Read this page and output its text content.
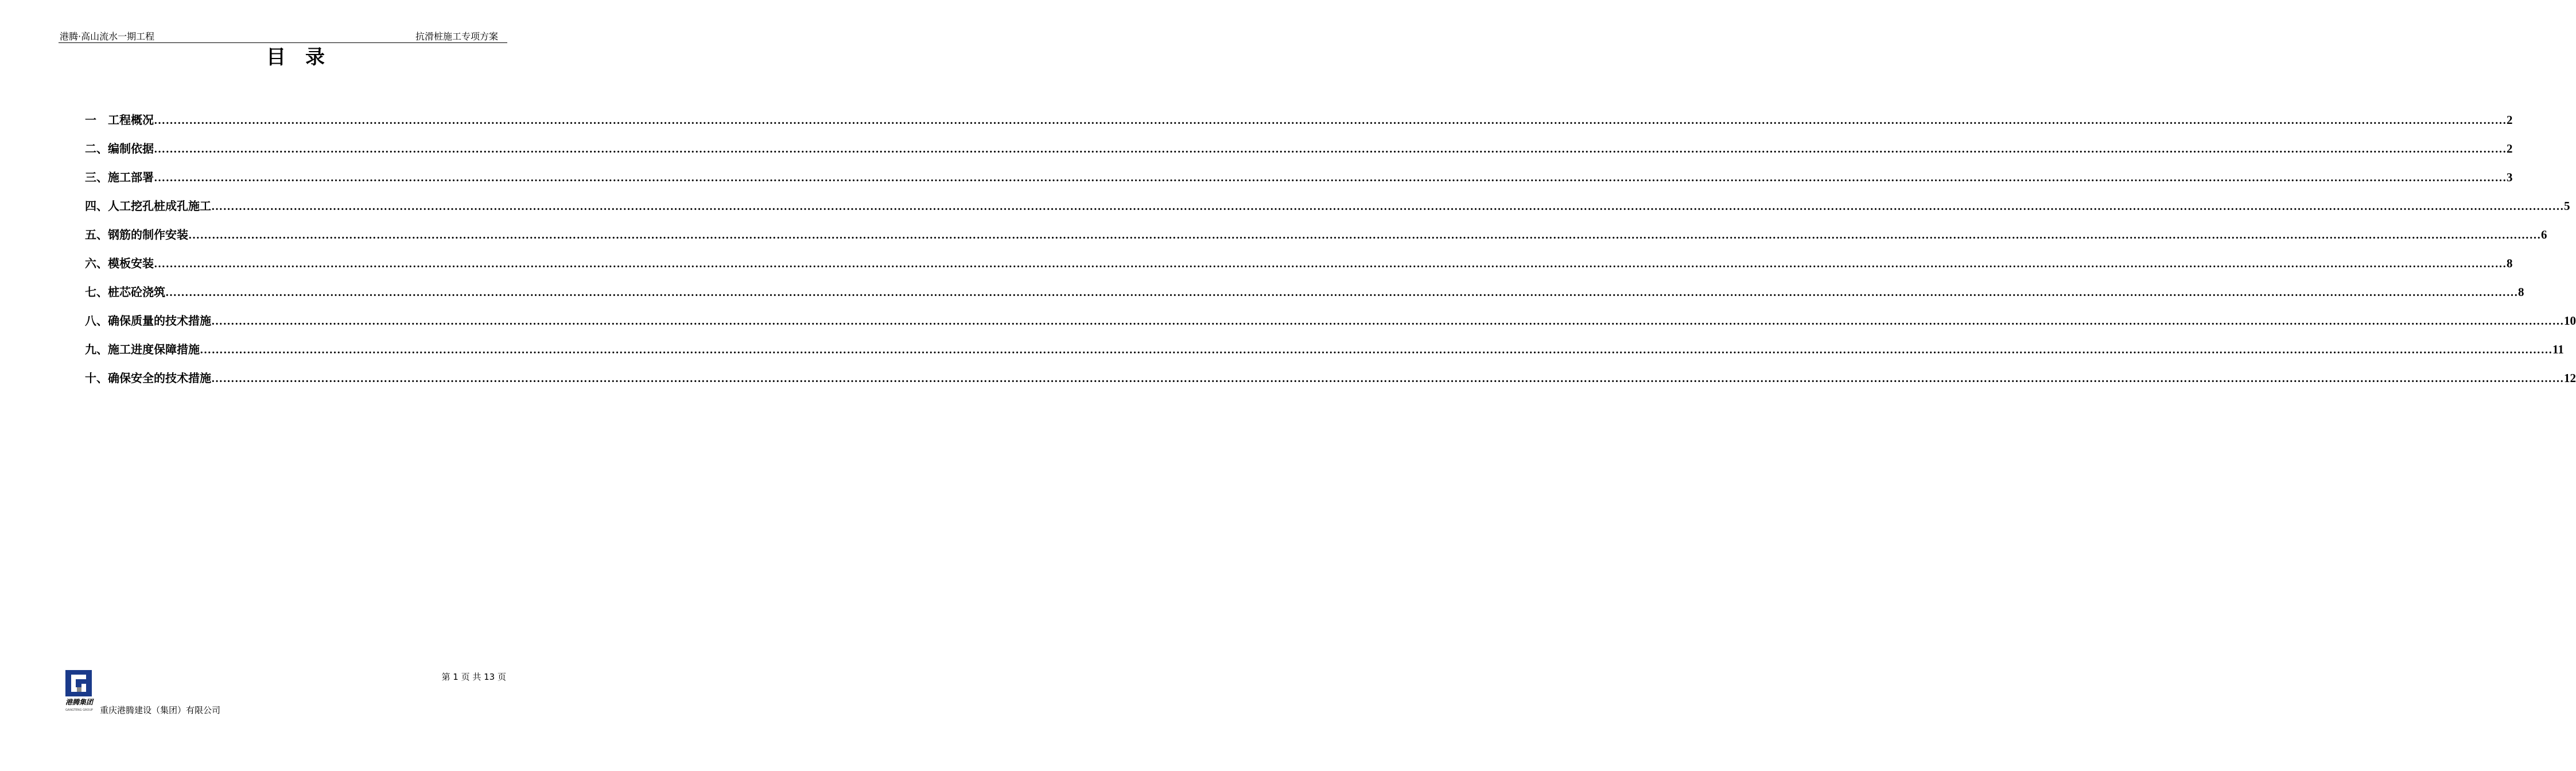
港腾·高山流水一期工程	抗滑桩施工专项方案
目录
一　工程概况 …………………………………………………………………………………………………………………………………………………………………………………………………………………………………………………………………………………………………………………………………………………………………………………………………………………………………………………………………………………………………………………………………………………… 2
二、编制依据 …………………………………………………………………………………………………………………………………………………………………………………………………………………………………………………………………………………………………………………………………………………………………………………………………………………………………………………………………………………………………………………………………………………… 2
三、施工部署 …………………………………………………………………………………………………………………………………………………………………………………………………………………………………………………………………………………………………………………………………………………………………………………………………………………………………………………………………………………………………………………………………………………… 3
四、人工挖孔桩成孔施工 …………………………………………………………………………………………………………………………………………………………………………………………………………………………………………………………………………………………………………………………………………………………………………………………………………………………………………………………………………………………………………………………………………………… 5
五、钢筋的制作安装 …………………………………………………………………………………………………………………………………………………………………………………………………………………………………………………………………………………………………………………………………………………………………………………………………………………………………………………………………………………………………………………………………………………… 6
六、模板安装 …………………………………………………………………………………………………………………………………………………………………………………………………………………………………………………………………………………………………………………………………………………………………………………………………………………………………………………………………………………………………………………………………………………… 8
七、桩芯砼浇筑 …………………………………………………………………………………………………………………………………………………………………………………………………………………………………………………………………………………………………………………………………………………………………………………………………………………………………………………………………………………………………………………………………………………… 8
八、确保质量的技术措施 …………………………………………………………………………………………………………………………………………………………………………………………………………………………………………………………………………………………………………………………………………………………………………………………………………………………………………………………………………………………………………………………………………………… 10
九、施工进度保障措施 …………………………………………………………………………………………………………………………………………………………………………………………………………………………………………………………………………………………………………………………………………………………………………………………………………………………………………………………………………………………………………………………………………………… 11
十、确保安全的技术措施 …………………………………………………………………………………………………………………………………………………………………………………………………………………………………………………………………………………………………………………………………………………………………………………………………………………………………………………………………………………………………………………………………………………… 12
第 1 页 共 13 页
港腾集团
GANGTENG GROUP 重庆港腾建设（集团）有限公司
